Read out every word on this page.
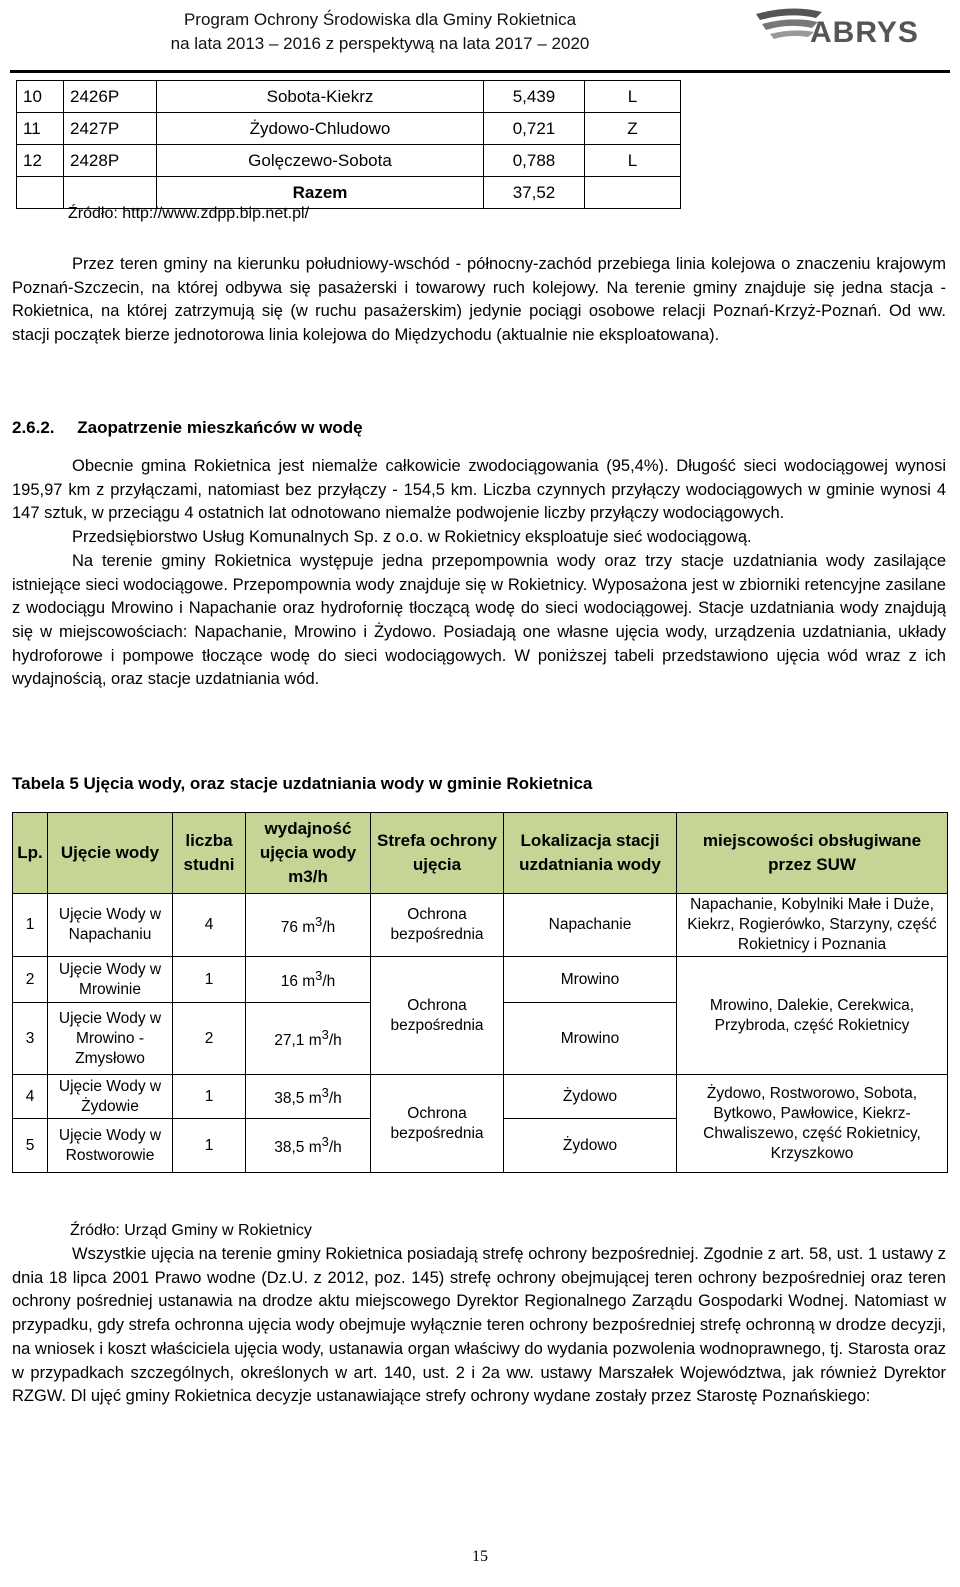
Program Ochrony Środowiska dla Gminy Rokietnica
na lata 2013 – 2016 z perspektywą na lata 2017 – 2020	ABRYS
10	2426P	Sobota-Kiekrz	5,439	L
11	2427P	Żydowo-Chludowo	0,721	Z
12	2428P	Golęczewo-Sobota	0,788	L
		Razem	37,52	
Źródło: http://www.zdpp.bip.net.pl/

Przez teren gminy na kierunku południowy-wschód - północny-zachód przebiega linia kolejowa o znaczeniu krajowym Poznań-Szczecin, na której odbywa się pasażerski i towarowy ruch kolejowy. Na terenie gminy znajduje się jedna stacja - Rokietnica, na której zatrzymują się (w ruchu pasażerskim) jedynie pociągi osobowe relacji Poznań-Krzyż-Poznań. Od ww. stacji początek bierze jednotorowa linia kolejowa do Międzychodu (aktualnie nie eksploatowana).

2.6.2. Zaopatrzenie mieszkańców w wodę

Obecnie gmina Rokietnica jest niemalże całkowicie zwodociągowania (95,4%). Długość sieci wodociągowej wynosi 195,97 km z przyłączami, natomiast bez przyłączy - 154,5 km. Liczba czynnych przyłączy wodociągowych w gminie wynosi 4 147 sztuk, w przeciągu 4 ostatnich lat odnotowano niemalże podwojenie liczby przyłączy wodociągowych.

Przedsiębiorstwo Usług Komunalnych Sp. z o.o. w Rokietnicy eksploatuje sieć wodociągową.

Na terenie gminy Rokietnica występuje jedna przepompownia wody oraz trzy stacje uzdatniania wody zasilające istniejące sieci wodociągowe. Przepompownia wody znajduje się w Rokietnicy. Wyposażona jest w zbiorniki retencyjne zasilane z wodociągu Mrowino i Napachanie oraz hydrofornię tłoczącą wodę do sieci wodociągowej. Stacje uzdatniania wody znajdują się w miejscowościach: Napachanie, Mrowino i Żydowo. Posiadają one własne ujęcia wody, urządzenia uzdatniania, układy hydroforowe i pompowe tłoczące wodę do sieci wodociągowych. W poniższej tabeli przedstawiono ujęcia wód wraz z ich wydajnością, oraz stacje uzdatniania wód.

Tabela 5 Ujęcia wody, oraz stacje uzdatniania wody w gminie Rokietnica
Lp.	Ujęcie wody	liczba studni	wydajność ujęcia wody m3/h	Strefa ochrony ujęcia	Lokalizacja stacji uzdatniania wody	miejscowości obsługiwane przez SUW
1	Ujęcie Wody w Napachaniu	4	76 $m^3/h$	Ochrona bezpośrednia	Napachanie	Napachanie, Kobylniki Małe i Duże, Kiekrz, Rogierówko, Starzyny, część Rokietnicy i Poznania
2	Ujęcie Wody w Mrowinie	1	16 $m^3/h$	Ochrona bezpośrednia	Mrowino	Mrowino, Dalekie, Cerekwica, Przybroda, część Rokietnicy
3	Ujęcie Wody w Mrowino - Zmysłowo	2	27,1 $m^3/h$		Mrowino	
4	Ujęcie Wody w Żydowie	1	38,5 $m^3/h$	Ochrona bezpośrednia	Żydowo	Żydowo, Rostworowo, Sobota, Bytkowo, Pawłowice, Kiekrz-Chwaliszewo, część Rokietnicy, Krzyszkowo
5	Ujęcie Wody w Rostworowie	1	38,5 $m^3/h$		Żydowo	
Źródło: Urząd Gminy w Rokietnicy

Wszystkie ujęcia na terenie gminy Rokietnica posiadają strefę ochrony bezpośredniej. Zgodnie z art. 58, ust. 1 ustawy z dnia 18 lipca 2001 Prawo wodne (Dz.U. z 2012, poz. 145) strefę ochrony obejmującej teren ochrony bezpośredniej oraz teren ochrony pośredniej ustanawia na drodze aktu miejscowego Dyrektor Regionalnego Zarządu Gospodarki Wodnej. Natomiast w przypadku, gdy strefa ochronna ujęcia wody obejmuje wyłącznie teren ochrony bezpośredniej strefę ochronną w drodze decyzji, na wniosek i koszt właściciela ujęcia wody, ustanawia organ właściwy do wydania pozwolenia wodnoprawnego, tj. Starosta oraz w przypadkach szczególnych, określonych w art. 140, ust. 2 i 2a ww. ustawy Marszałek Województwa, jak również Dyrektor RZGW. Dl ujęć gminy Rokietnica decyzje ustanawiające strefy ochrony wydane zostały przez Starostę Poznańskiego:

15
